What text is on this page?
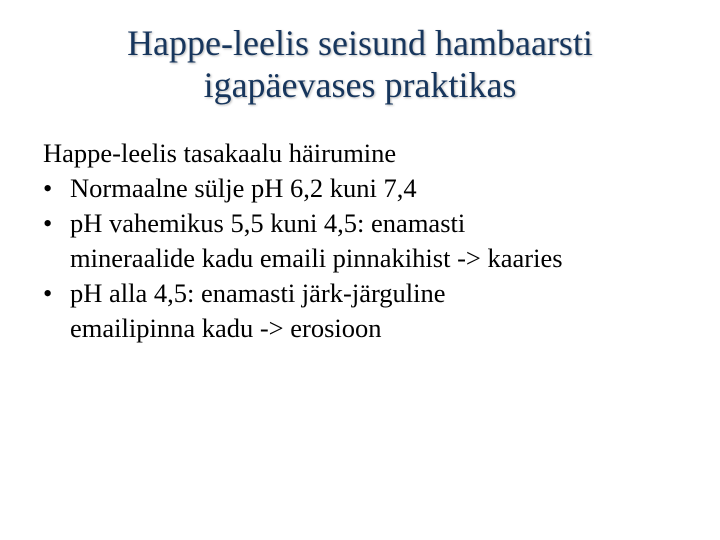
Happe-leelis seisund hambaarsti
igapäevases praktikas

Happe-leelis tasakaalu häirumine

• Normaalne sülje pH 6,2 kuni 7,4
• pH vahemikus 5,5 kuni 4,5: enamasti
mineraalide kadu emaili pinnakihist -> kaaries
• pH alla 4,5: enamasti järk-järguline
emailipinna kadu -> erosioon
